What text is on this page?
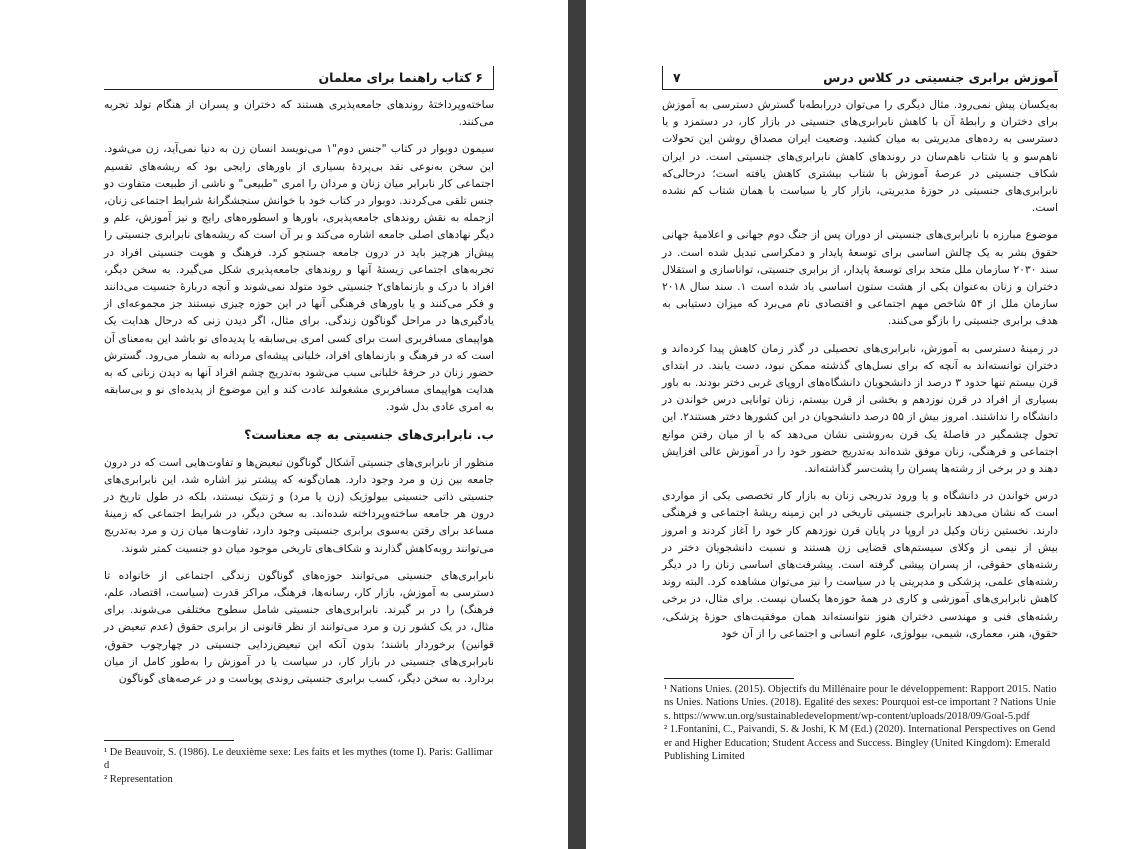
۶
کتاب راهنما برای معلمان

ساخته‌وپرداختهٔ روندهای جامعه‌پذیری هستند که دختران و پسران از هنگام تولد تجربه می‌کنند.

سیمون دوبوار در کتاب "جنس دوم"۱ می‌نویسد انسان زن به دنیا نمی‌آید، زن می‌شود. این سخن به‌نوعی نقد بی‌پردهٔ بسیاری از باورهای رایجی بود که ریشه‌های تقسیم اجتماعی کار نابرابر میان زنان و مردان را امری "طبیعی" و ناشی از طبیعت متفاوت دو جنس تلقی می‌کردند. دوبوار در کتاب خود با خوانش سنجشگرانهٔ شرایط اجتماعی زنان، ازجمله به نقش روندهای جامعه‌پذیری، باورها و اسطوره‌های رایج و نیز آموزش، علم و دیگر نهادهای اصلی جامعه اشاره می‌کند و بر آن است که ریشه‌های نابرابری جنسیتی را پیش‌از هرچیز باید در درون جامعه جستجو کرد. فرهنگ و هویت جنسیتی افراد در تجربه‌های اجتماعی زیستهٔ آنها و روندهای جامعه‌پذیری شکل می‌گیرد. به سخن دیگر، افراد با درک و بازنماهای۲ جنسیتی خود متولد نمی‌شوند و آنچه دربارهٔ جنسیت می‌دانند و فکر می‌کنند و یا باورهای فرهنگی آنها در این حوزه چیزی نیستند جز مجموعه‌ای از یادگیری‌ها در مراحل گوناگون زندگی. برای مثال، اگر دیدن زنی که درحال هدایت یک هواپیمای مسافربری است برای کسی امری بی‌سابقه یا پدیده‌ای نو باشد این به‌معنای آن است که در فرهنگ و بازنماهای افراد، خلبانی پیشه‌ای مردانه به شمار می‌رود. گسترش حضور زنان در حرفهٔ خلبانی سبب می‌شود به‌تدریج چشم افراد آنها به دیدن زنانی که به هدایت هواپیمای مسافربری مشغولند عادت کند و این موضوع از پدیده‌ای نو و بی‌سابقه به امری عادی بدل شود.

ب. نابرابری‌های جنسیتی به چه معناست؟

منظور از نابرابری‌های جنسیتی آشکال گوناگون تبعیض‌ها و تفاوت‌هایی است که در درون جامعه بین زن و مرد وجود دارد. همان‌گونه که پیشتر نیز اشاره شد، این نابرابری‌های جنسیتی ذاتی جنسیتی بیولوژیک (زن یا مرد) و ژنتیک نیستند، بلکه در طول تاریخ در درون هر جامعه ساخته‌وپرداخته شده‌اند. به سخن دیگر، در شرایط اجتماعی که زمینهٔ مساعد برای رفتن به‌سوی برابری جنسیتی وجود دارد، تفاوت‌ها میان زن و مرد به‌تدریج می‌توانند روبه‌کاهش گذارند و شکاف‌های تاریخی موجود میان دو جنسیت کمتر شوند.

نابرابری‌های جنسیتی می‌توانند حوزه‌های گوناگون زندگی اجتماعی از خانواده تا دسترسی به آموزش، بازار کار، رسانه‌ها، فرهنگ، مراکز قدرت (سیاست، اقتصاد، علم، فرهنگ) را در بر گیرند. نابرابری‌های جنسیتی شامل سطوح مختلفی می‌شوند. برای مثال، در یک کشور زن و مرد می‌توانند از نظر قانونی از برابری حقوق (عدم تبعیض در قوانین) برخوردار باشند؛ بدون آنکه این تبعیض‌زدایی جنسیتی در چهارچوب حقوق، نابرابری‌های جنسیتی در بازار کار، در سیاست یا در آموزش را به‌طور کامل از میان بردارد. به سخن دیگر، کسب برابری جنسیتی روندی پویاست و در عرصه‌های گوناگون

¹ De Beauvoir, S. (1986). Le deuxième sexe: Les faits et les mythes (tome I). Paris: Gallimard
² Representation
آموزش برابری جنسیتی در کلاس درس
۷

به‌یکسان پیش نمی‌رود. مثال دیگری را می‌توان دررابطه‌با گسترش دسترسی به آموزش برای دختران و رابطهٔ آن با کاهش نابرابری‌های جنسیتی در بازار کار، در دستمزد و یا دسترسی به رده‌های مدیریتی به میان کشید. وضعیت ایران مصداق روشن این تحولات ناهم‌سو و یا شتاب ناهم‌سان در روندهای کاهش نابرابری‌های جنسیتی است. در ایران شکاف جنسیتی در عرصهٔ آموزش با شتاب بیشتری کاهش یافته است؛ درحالی‌که نابرابری‌های جنسیتی در حوزهٔ مدیریتی، بازار کار یا سیاست با همان شتاب کم نشده است.

موضوع مبارزه با نابرابری‌های جنسیتی از دوران پس از جنگ دوم جهانی و اعلامیهٔ جهانی حقوق بشر به یک چالش اساسی برای توسعهٔ پایدار و دمکراسی تبدیل شده است. در سند ۲۰۳۰ سازمان ملل متحد برای توسعهٔ پایدار، از برابری جنسیتی، توانا‌سازی و استقلال دختران و زنان به‌عنوان یکی از هشت ستون اساسی یاد شده است ۱. سند سال ۲۰۱۸ سازمان ملل از ۵۴ شاخص مهم اجتماعی و اقتصادی نام می‌برد که میزان دستیابی به هدف برابری جنسیتی را بازگو می‌کنند.

در زمینهٔ دسترسی به آموزش، نابرابری‌های تحصیلی در گذر زمان کاهش پیدا کرده‌اند و دختران توانسته‌اند به آنچه که برای نسل‌های گذشته ممکن نبود، دست یابند. در ابتدای قرن بیستم تنها حدود ۳ درصد از دانشجویان دانشگاه‌های اروپای غربی دختر بودند. به باور بسیاری از افراد در قرن نوزدهم و بخشی از قرن بیستم، زنان توانایی درس خواندن در دانشگاه را نداشتند. امروز بیش از ۵۵ درصد دانشجویان در این کشورها دختر هستند۲. این تحول چشمگیر در فاصلهٔ یک قرن به‌روشنی نشان می‌دهد که با از میان رفتن موانع اجتماعی و فرهنگی، زنان موفق شده‌اند به‌تدریج حضور خود را در آموزش عالی افزایش دهند و در برخی از رشته‌ها پسران را پشت‌سر گذاشته‌اند.

درس خواندن در دانشگاه و یا ورود تدریجی زنان به بازار کار تخصصی یکی از مواردی است که نشان می‌دهد نابرابری جنسیتی تاریخی در این زمینه ریشهٔ اجتماعی و فرهنگی دارند. نخستین زنان وکیل در اروپا در پایان قرن نوزدهم کار خود را آغاز کردند و امروز بیش از نیمی از وکلای سیستم‌های قضایی زن هستند و نسبت دانشجویان دختر در رشته‌های حقوقی، از پسران پیشی گرفته است. پیشرفت‌های اساسی زنان را در دیگر رشته‌های علمی، پزشکی و مدیریتی یا در سیاست را نیز می‌توان مشاهده کرد. البته روند کاهش نابرابری‌های آموزشی و کاری در همهٔ حوزه‌ها یکسان نیست. برای مثال، در برخی رشته‌های فنی و مهندسی دختران هنوز نتوانسته‌اند همان موفقیت‌های حوزهٔ پزشکی، حقوق، هنر، معماری، شیمی، بیولوژی، علوم انسانی و اجتماعی را از آن خود

¹ Nations Unies. (2015). Objectifs du Millénaire pour le développement: Rapport 2015. Nations Unies. Nations Unies. (2018). Egalité des sexes: Pourquoi est-ce important ? Nations Unies. https://www.un.org/sustainabledevelopment/wp-content/uploads/2018/09/Goal-5.pdf
² 1.Fontanini, C., Paivandi, S. & Joshi, K M (Ed.) (2020). International Perspectives on Gender and Higher Education; Student Access and Success. Bingley (United Kingdom): Emerald Publishing Limited
